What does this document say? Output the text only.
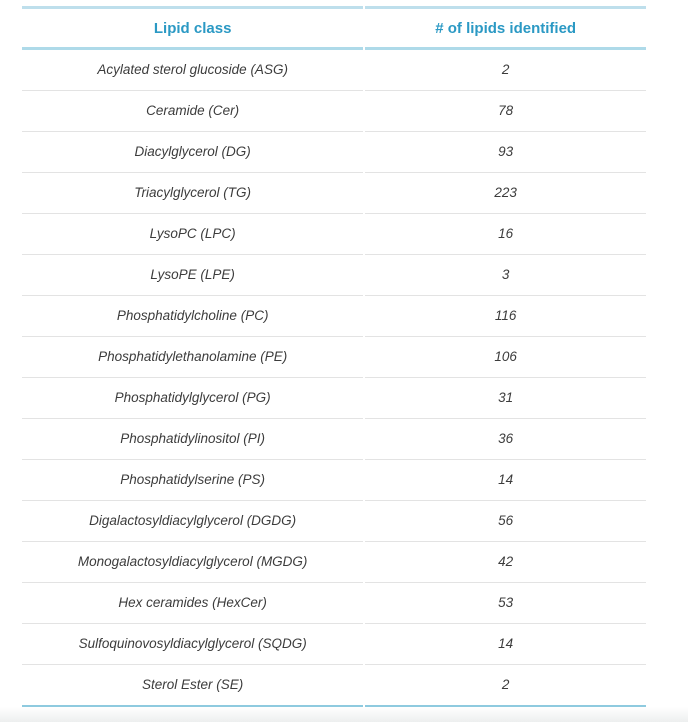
Lipid class	# of lipids identified
Acylated sterol glucoside (ASG)	2
Ceramide (Cer)	78
Diacylglycerol (DG)	93
Triacylglycerol (TG)	223
LysoPC (LPC)	16
LysoPE (LPE)	3
Phosphatidylcholine (PC)	116
Phosphatidylethanolamine (PE)	106
Phosphatidylglycerol (PG)	31
Phosphatidylinositol (PI)	36
Phosphatidylserine (PS)	14
Digalactosyldiacylglycerol (DGDG)	56
Monogalactosyldiacylglycerol (MGDG)	42
Hex ceramides (HexCer)	53
Sulfoquinovosyldiacylglycerol (SQDG)	14
Sterol Ester (SE)	2
